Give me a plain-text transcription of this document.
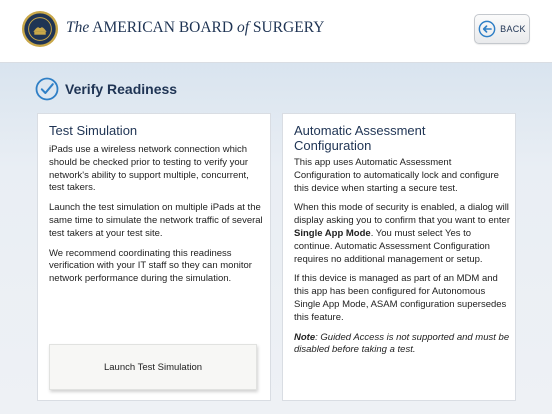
The AMERICAN BOARD of SURGERY	BACK
Verify Readiness
Test Simulation

iPads use a wireless network connection which should be checked prior to testing to verify your network's ability to support multiple, concurrent, test takers.

Launch the test simulation on multiple iPads at the same time to simulate the network traffic of several test takers at your test site.

We recommend coordinating this readiness verification with your IT staff so they can monitor network performance during the simulation.

Launch Test Simulation
Automatic Assessment Configuration

This app uses Automatic Assessment Configuration to automatically lock and configure this device when starting a secure test.

When this mode of security is enabled, a dialog will display asking you to confirm that you want to enter Single App Mode. You must select Yes to continue. Automatic Assessment Configuration requires no additional management or setup.

If this device is managed as part of an MDM and this app has been configured for Autonomous Single App Mode, ASAM configuration supersedes this feature.

Note: Guided Access is not supported and must be disabled before taking a test.
